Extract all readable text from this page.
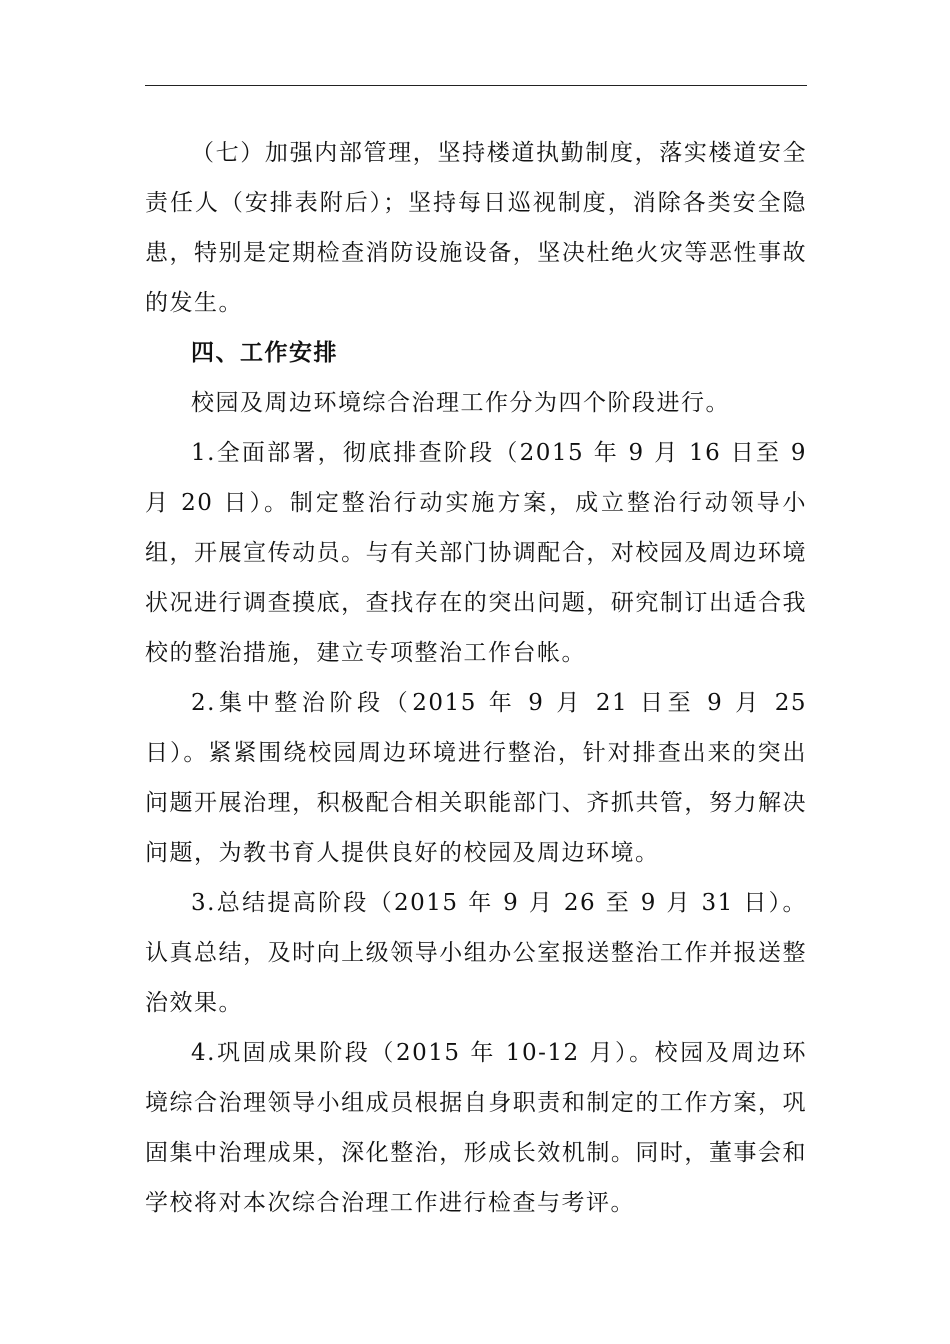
（七）加强内部管理，坚持楼道执勤制度，落实楼道安全责任人（安排表附后）；坚持每日巡视制度，消除各类安全隐患，特别是定期检查消防设施设备，坚决杜绝火灾等恶性事故的发生。

四、工作安排

校园及周边环境综合治理工作分为四个阶段进行。

1.全面部署，彻底排查阶段（2015 年 9 月 16 日至 9 月 20 日）。制定整治行动实施方案，成立整治行动领导小组，开展宣传动员。与有关部门协调配合，对校园及周边环境状况进行调查摸底，查找存在的突出问题，研究制订出适合我校的整治措施，建立专项整治工作台帐。

2.集中整治阶段（2015 年 9 月 21 日至 9 月 25 日）。紧紧围绕校园周边环境进行整治，针对排查出来的突出问题开展治理，积极配合相关职能部门、齐抓共管，努力解决问题，为教书育人提供良好的校园及周边环境。

3.总结提高阶段（2015 年 9 月 26 至 9 月 31 日）。认真总结，及时向上级领导小组办公室报送整治工作并报送整治效果。

4.巩固成果阶段（2015 年 10-12 月）。校园及周边环境综合治理领导小组成员根据自身职责和制定的工作方案，巩固集中治理成果，深化整治，形成长效机制。同时，董事会和学校将对本次综合治理工作进行检查与考评。
